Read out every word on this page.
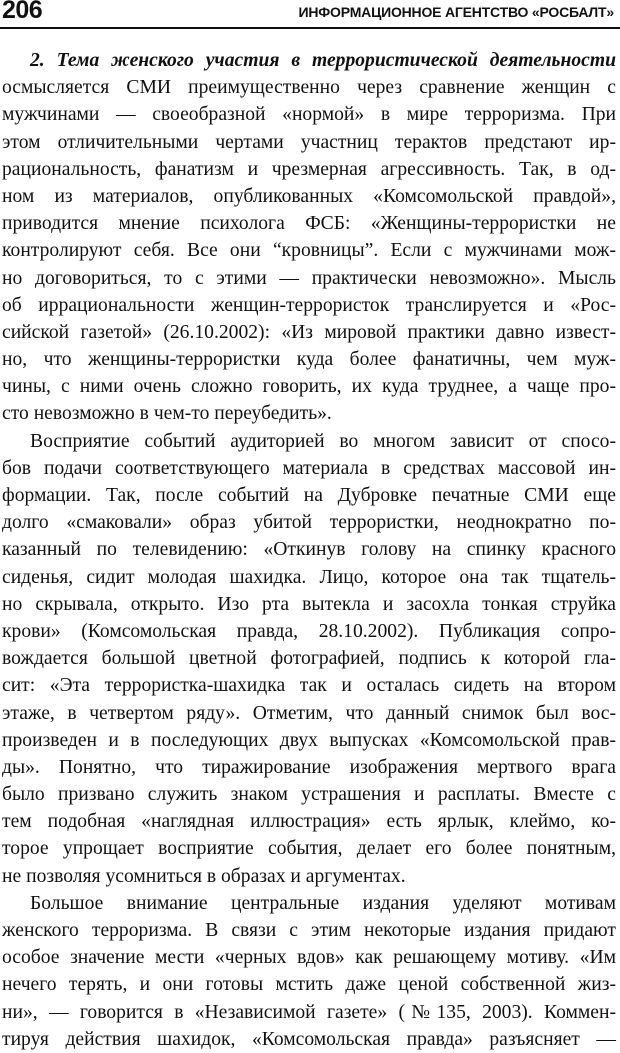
206	ИНФОРМАЦИОННОЕ АГЕНТСТВО «РОСБАЛТ»
2. Тема женского участия в террористической деятельности
осмысляется СМИ преимущественно через сравнение женщин с
мужчинами — своеобразной «нормой» в мире терроризма. При
этом отличительными чертами участниц терактов предстают ир-
рациональность, фанатизм и чрезмерная агрессивность. Так, в од-
ном из материалов, опубликованных «Комсомольской правдой»,
приводится мнение психолога ФСБ: «Женщины-террористки не
контролируют себя. Все они “кровницы”. Если с мужчинами мож-
но договориться, то с этими — практически невозможно». Мысль
об иррациональности женщин-террористок транслируется и «Рос-
сийской газетой» (26.10.2002): «Из мировой практики давно извест-
но, что женщины-террористки куда более фанатичны, чем муж-
чины, с ними очень сложно говорить, их куда труднее, а чаще про-
сто невозможно в чем-то переубедить».
Восприятие событий аудиторией во многом зависит от спосо-
бов подачи соответствующего материала в средствах массовой ин-
формации. Так, после событий на Дубровке печатные СМИ еще
долго «смаковали» образ убитой террористки, неоднократно по-
казанный по телевидению: «Откинув голову на спинку красного
сиденья, сидит молодая шахидка. Лицо, которое она так тщатель-
но скрывала, открыто. Изо рта вытекла и засохла тонкая струйка
крови» (Комсомольская правда, 28.10.2002). Публикация сопро-
вождается большой цветной фотографией, подпись к которой гла-
сит: «Эта террористка-шахидка так и осталась сидеть на втором
этаже, в четвертом ряду». Отметим, что данный снимок был вос-
произведен и в последующих двух выпусках «Комсомольской прав-
ды». Понятно, что тиражирование изображения мертвого врага
было призвано служить знаком устрашения и расплаты. Вместе с
тем подобная «наглядная иллюстрация» есть ярлык, клеймо, ко-
торое упрощает восприятие события, делает его более понятным,
не позволяя усомниться в образах и аргументах.
Большое внимание центральные издания уделяют мотивам
женского терроризма. В связи с этим некоторые издания придают
особое значение мести «черных вдов» как решающему мотиву. «Им
нечего терять, и они готовы мстить даже ценой собственной жиз-
ни», — говорится в «Независимой газете» (№135, 2003). Коммен-
тируя действия шахидок, «Комсомольская правда» разъясняет —
